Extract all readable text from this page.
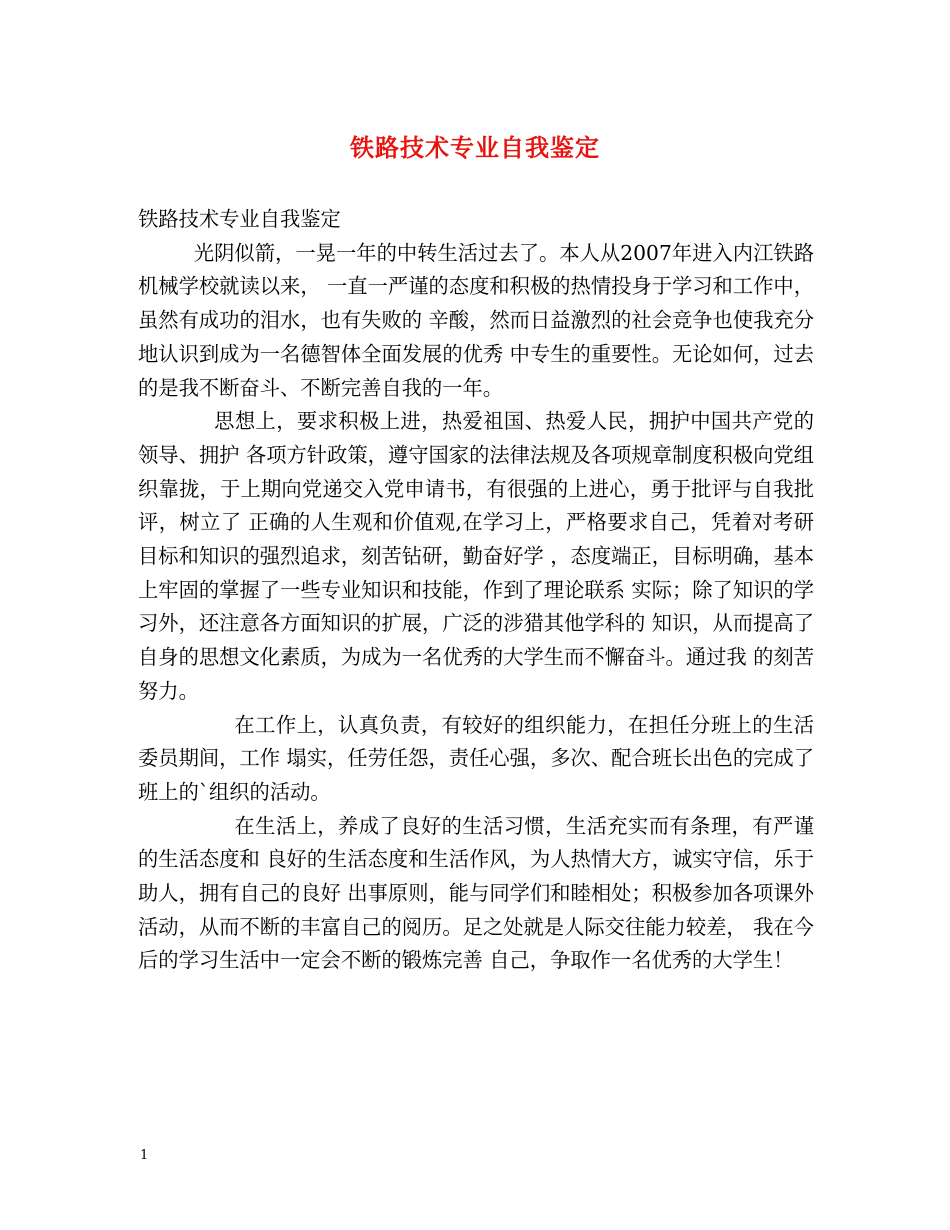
铁路技术专业自我鉴定

铁路技术专业自我鉴定

光阴似箭，一晃一年的中转生活过去了。本人从2007年进入内江铁路机械学校就读以来， 一直一严谨的态度和积极的热情投身于学习和工作中，虽然有成功的泪水，也有失败的 辛酸，然而日益激烈的社会竞争也使我充分地认识到成为一名德智体全面发展的优秀 中专生的重要性。无论如何，过去的是我不断奋斗、不断完善自我的一年。

思想上，要求积极上进，热爱祖国、热爱人民，拥护中国共产党的领导、拥护 各项方针政策，遵守国家的法律法规及各项规章制度积极向党组织靠拢，于上期向党递交入党申请书，有很强的上进心，勇于批评与自我批评，树立了 正确的人生观和价值观,在学习上，严格要求自己，凭着对考研目标和知识的强烈追求，刻苦钻研，勤奋好学 ，态度端正，目标明确，基本上牢固的掌握了一些专业知识和技能，作到了理论联系 实际；除了知识的学习外，还注意各方面知识的扩展，广泛的涉猎其他学科的 知识，从而提高了自身的思想文化素质，为成为一名优秀的大学生而不懈奋斗。通过我 的刻苦努力。

在工作上，认真负责，有较好的组织能力，在担任分班上的生活委员期间，工作 塌实，任劳任怨，责任心强，多次、配合班长出色的完成了班上的`组织的活动。

在生活上，养成了良好的生活习惯，生活充实而有条理，有严谨的生活态度和 良好的生活态度和生活作风，为人热情大方，诚实守信，乐于助人，拥有自己的良好 出事原则，能与同学们和睦相处；积极参加各项课外活动，从而不断的丰富自己的阅历。足之处就是人际交往能力较差， 我在今后的学习生活中一定会不断的锻炼完善 自己，争取作一名优秀的大学生！

1
